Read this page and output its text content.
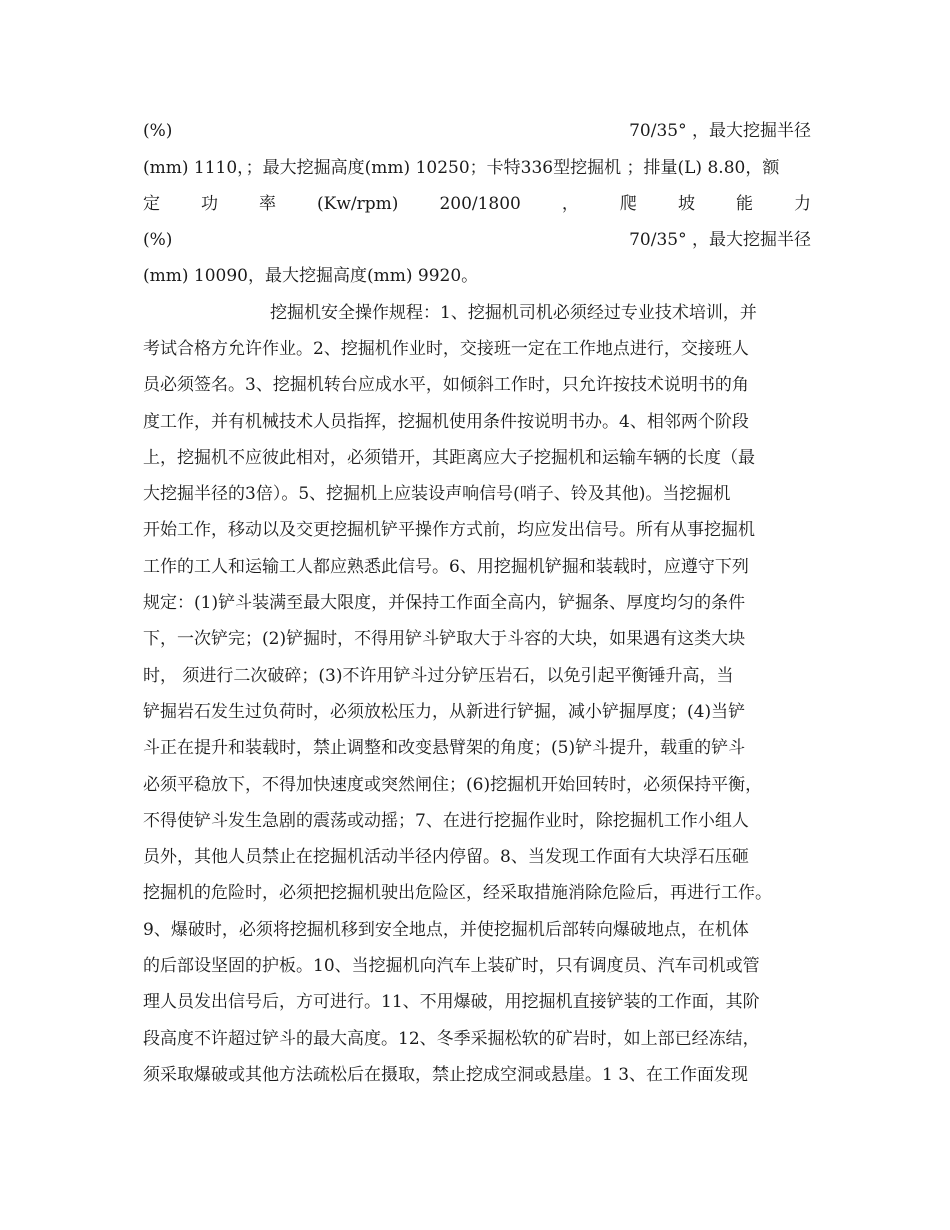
(%)	70/35° ，最大挖掘半径
(mm) 1110，；最大挖掘高度(mm) 10250；卡特336型挖掘机 ；排量(L) 8.80，额
定 功 率 (Kw/rpm) 200/1800 ， 爬 坡 能 力
(%)	70/35° ，最大挖掘半径
(mm) 10090，最大挖掘高度(mm) 9920。
挖掘机安全操作规程：1、挖掘机司机必须经过专业技术培训，并
考试合格方允许作业。2、挖掘机作业时，交接班一定在工作地点进行，交接班人
员必须签名。3、挖掘机转台应成水平，如倾斜工作时，只允许按技术说明书的角
度工作，并有机械技术人员指挥，挖掘机使用条件按说明书办。4、相邻两个阶段
上，挖掘机不应彼此相对，必须错开，其距离应大子挖掘机和运输车辆的长度（最
大挖掘半径的3倍）。5、挖掘机上应装设声响信号(哨子、铃及其他)。当挖掘机
开始工作，移动以及交更挖掘机铲平操作方式前，均应发出信号。所有从事挖掘机
工作的工人和运输工人都应熟悉此信号。6、用挖掘机铲掘和装载时，应遵守下列
规定：(1)铲斗装满至最大限度，并保持工作面全高内，铲掘条、厚度均匀的条件
下，一次铲完；(2)铲掘时，不得用铲斗铲取大于斗容的大块，如果遇有这类大块
时， 须进行二次破碎；(3)不许用铲斗过分铲压岩石，以免引起平衡锤升高，当
铲掘岩石发生过负荷时，必须放松压力，从新进行铲掘，减小铲掘厚度；(4)当铲
斗正在提升和装载时，禁止调整和改变悬臂架的角度；(5)铲斗提升，载重的铲斗
必须平稳放下，不得加快速度或突然闸住；(6)挖掘机开始回转时，必须保持平衡，
不得使铲斗发生急剧的震荡或动摇；7、在进行挖掘作业时，除挖掘机工作小组人
员外，其他人员禁止在挖掘机活动半径内停留。8、当发现工作面有大块浮石压砸
挖掘机的危险时，必须把挖掘机驶出危险区，经采取措施消除危险后，再进行工作。
9、爆破时，必须将挖掘机移到安全地点，并使挖掘机后部转向爆破地点，在机体
的后部设坚固的护板。10、当挖掘机向汽车上装矿时，只有调度员、汽车司机或管
理人员发出信号后，方可进行。11、不用爆破，用挖掘机直接铲装的工作面，其阶
段高度不许超过铲斗的最大高度。12、冬季采掘松软的矿岩时，如上部已经冻结，
须采取爆破或其他方法疏松后在摄取，禁止挖成空洞或悬崖。1 3、在工作面发现
